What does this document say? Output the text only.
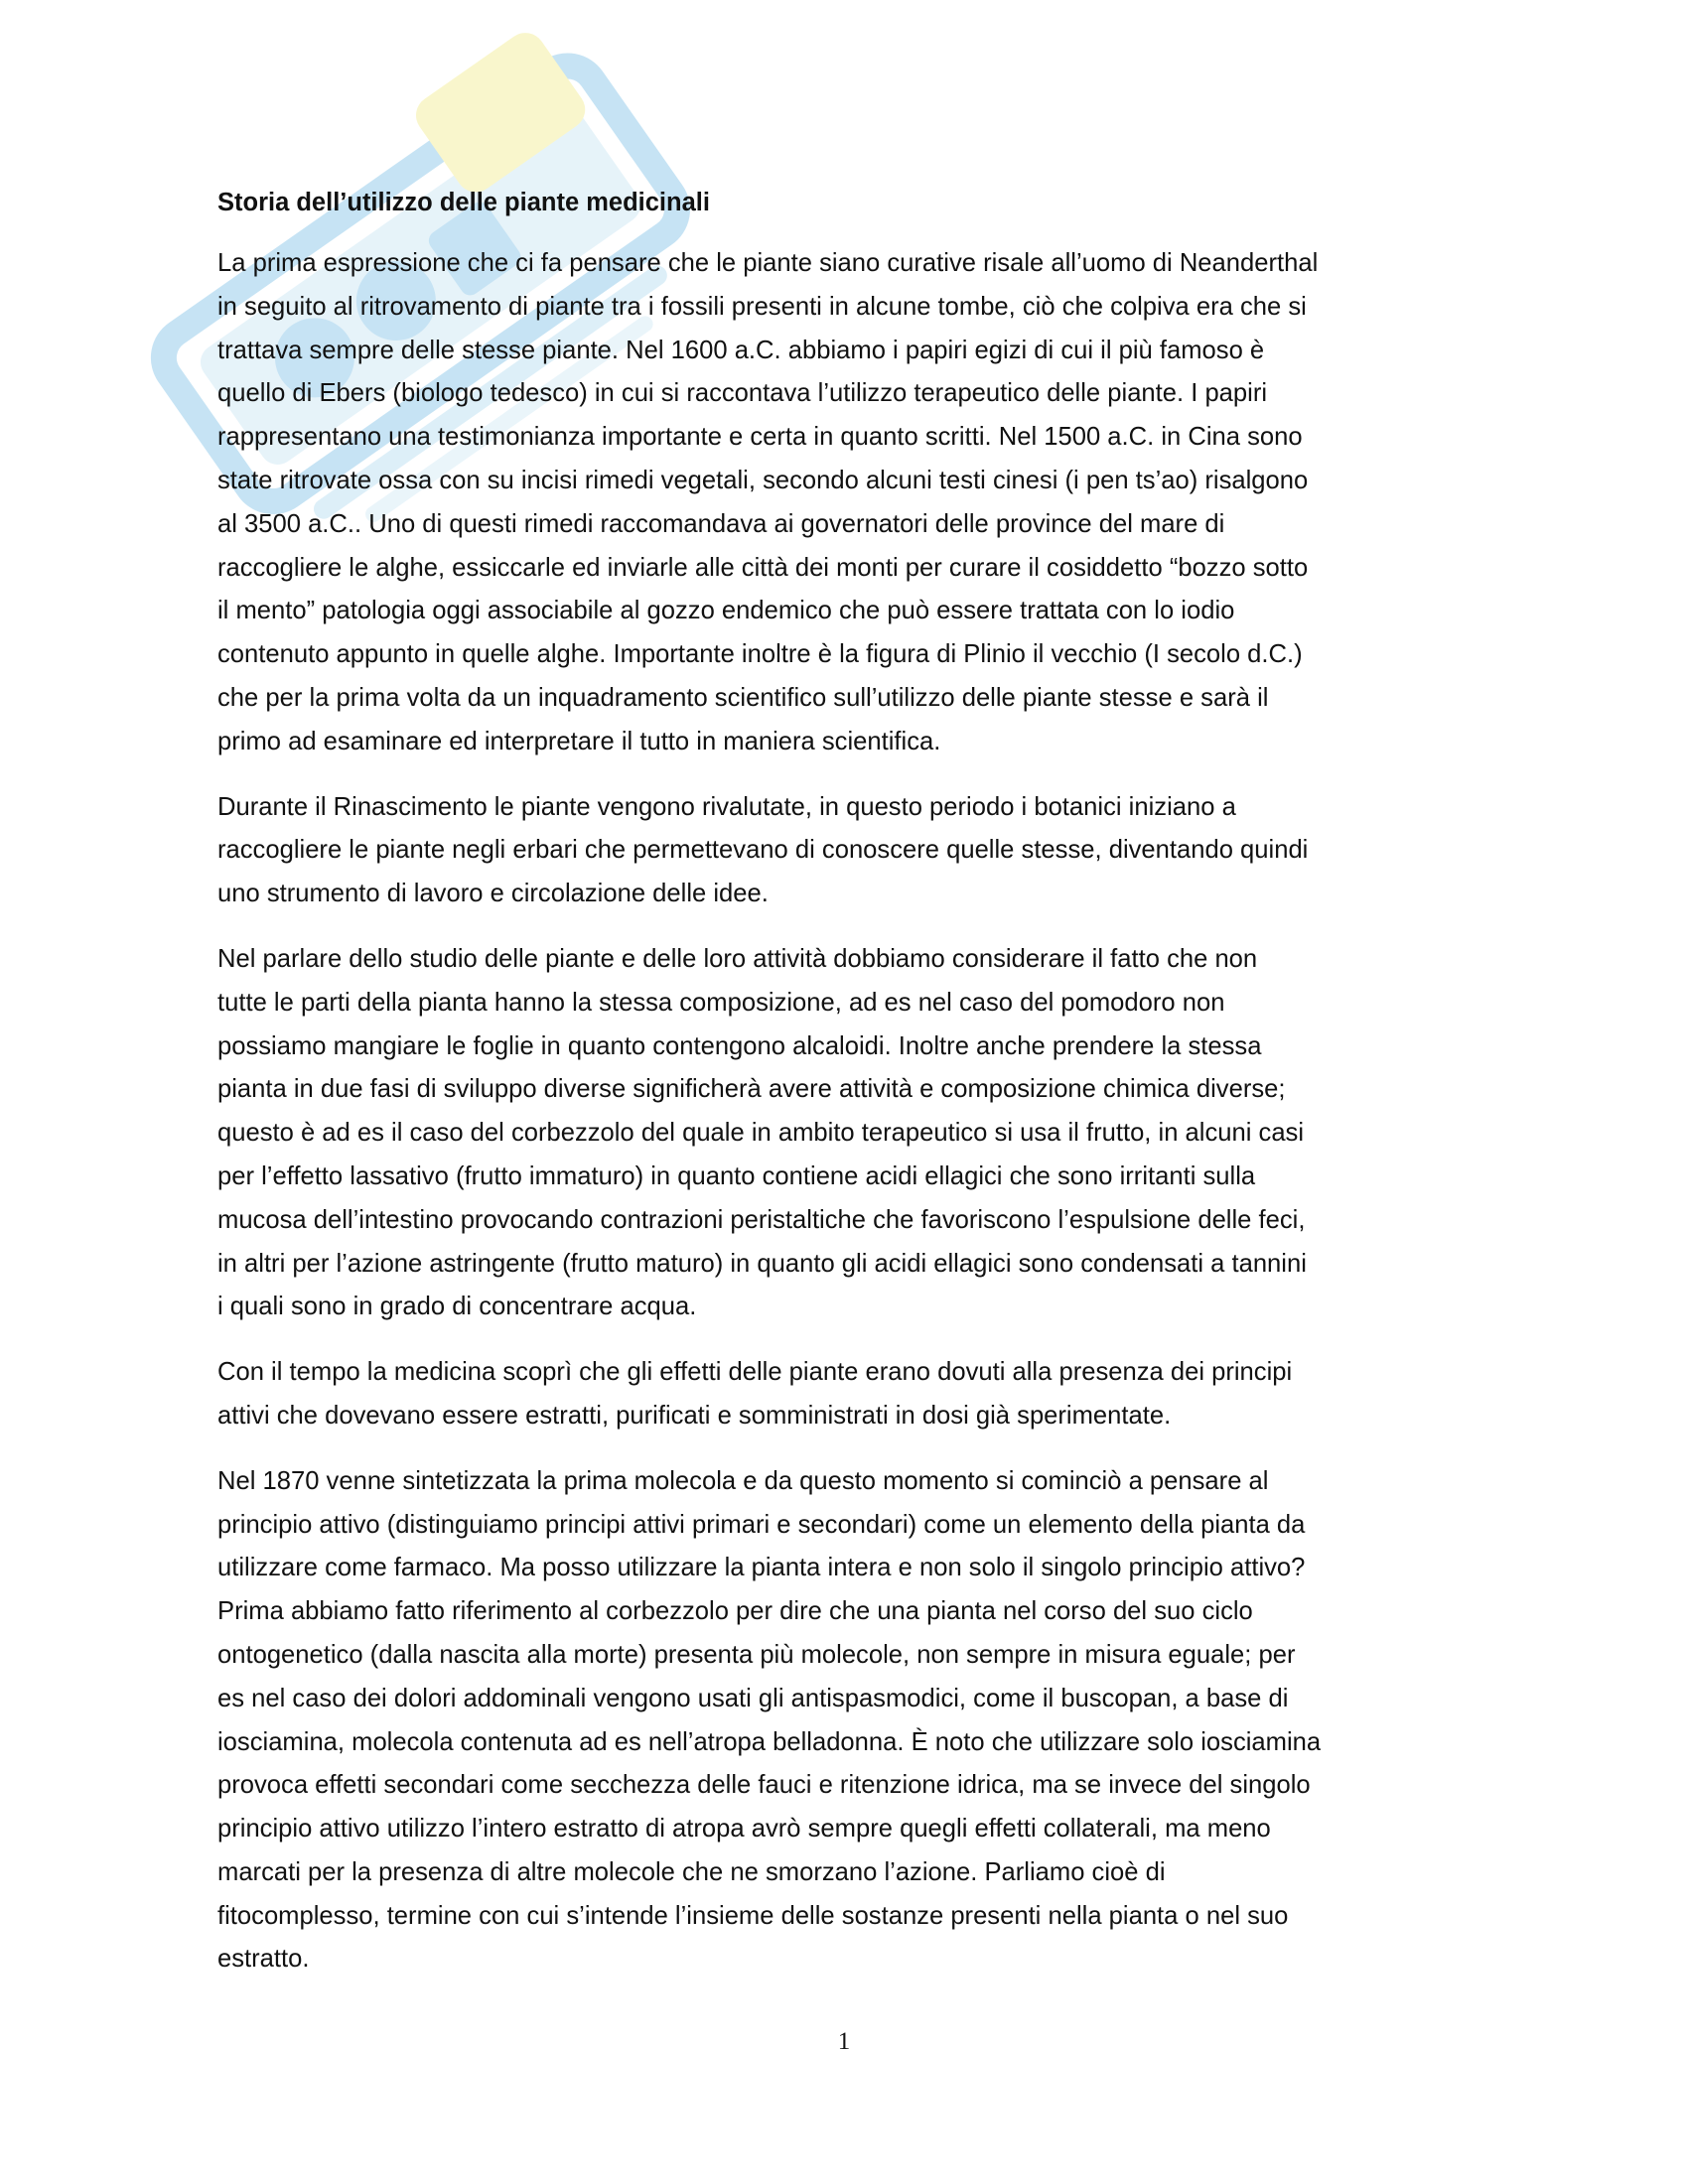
Storia dell’utilizzo delle piante medicinali
La prima espressione che ci fa pensare che le piante siano curative risale all’uomo di Neanderthal
in seguito al ritrovamento di piante tra i fossili presenti in alcune tombe, ciò che colpiva era che si
trattava sempre delle stesse piante. Nel 1600 a.C. abbiamo i papiri egizi di cui il più famoso è
quello di Ebers (biologo tedesco) in cui si raccontava l’utilizzo terapeutico delle piante. I papiri
rappresentano una testimonianza importante e certa in quanto scritti. Nel 1500 a.C. in Cina sono
state ritrovate ossa con su incisi rimedi vegetali, secondo alcuni testi cinesi (i pen ts’ao) risalgono
al 3500 a.C.. Uno di questi rimedi raccomandava ai governatori delle province del mare di
raccogliere le alghe, essiccarle ed inviarle alle città dei monti per curare il cosiddetto “bozzo sotto
il mento” patologia oggi associabile al gozzo endemico che può essere trattata con lo iodio
contenuto appunto in quelle alghe. Importante inoltre è la figura di Plinio il vecchio (I secolo d.C.)
che per la prima volta da un inquadramento scientifico sull’utilizzo delle piante stesse e sarà il
primo ad esaminare ed interpretare il tutto in maniera scientifica.
Durante il Rinascimento le piante vengono rivalutate, in questo periodo i botanici iniziano a
raccogliere le piante negli erbari che permettevano di conoscere quelle stesse, diventando quindi
uno strumento di lavoro e circolazione delle idee.
Nel parlare dello studio delle piante e delle loro attività dobbiamo considerare il fatto che non
tutte le parti della pianta hanno la stessa composizione, ad es nel caso del pomodoro non
possiamo mangiare le foglie in quanto contengono alcaloidi. Inoltre anche prendere la stessa
pianta in due fasi di sviluppo diverse significherà avere attività e composizione chimica diverse;
questo è ad es il caso del corbezzolo del quale in ambito terapeutico si usa il frutto, in alcuni casi
per l’effetto lassativo (frutto immaturo) in quanto contiene acidi ellagici che sono irritanti sulla
mucosa dell’intestino provocando contrazioni peristaltiche che favoriscono l’espulsione delle feci,
in altri per l’azione astringente (frutto maturo) in quanto gli acidi ellagici sono condensati a tannini
i quali sono in grado di concentrare acqua.
Con il tempo la medicina scoprì che gli effetti delle piante erano dovuti alla presenza dei principi
attivi che dovevano essere estratti, purificati e somministrati in dosi già sperimentate.
Nel 1870 venne sintetizzata la prima molecola e da questo momento si cominciò a pensare al
principio attivo (distinguiamo principi attivi primari e secondari) come un elemento della pianta da
utilizzare come farmaco. Ma posso utilizzare la pianta intera e non solo il singolo principio attivo?
Prima abbiamo fatto riferimento al corbezzolo per dire che una pianta nel corso del suo ciclo
ontogenetico (dalla nascita alla morte) presenta più molecole, non sempre in misura eguale; per
es nel caso dei dolori addominali vengono usati gli antispasmodici, come il buscopan, a base di
iosciamina, molecola contenuta ad es nell’atropa belladonna. È noto che utilizzare solo iosciamina
provoca effetti secondari come secchezza delle fauci e ritenzione idrica, ma se invece del singolo
principio attivo utilizzo l’intero estratto di atropa avrò sempre quegli effetti collaterali, ma meno
marcati per la presenza di altre molecole che ne smorzano l’azione. Parliamo cioè di
fitocomplesso, termine con cui s’intende l’insieme delle sostanze presenti nella pianta o nel suo
estratto.
1
